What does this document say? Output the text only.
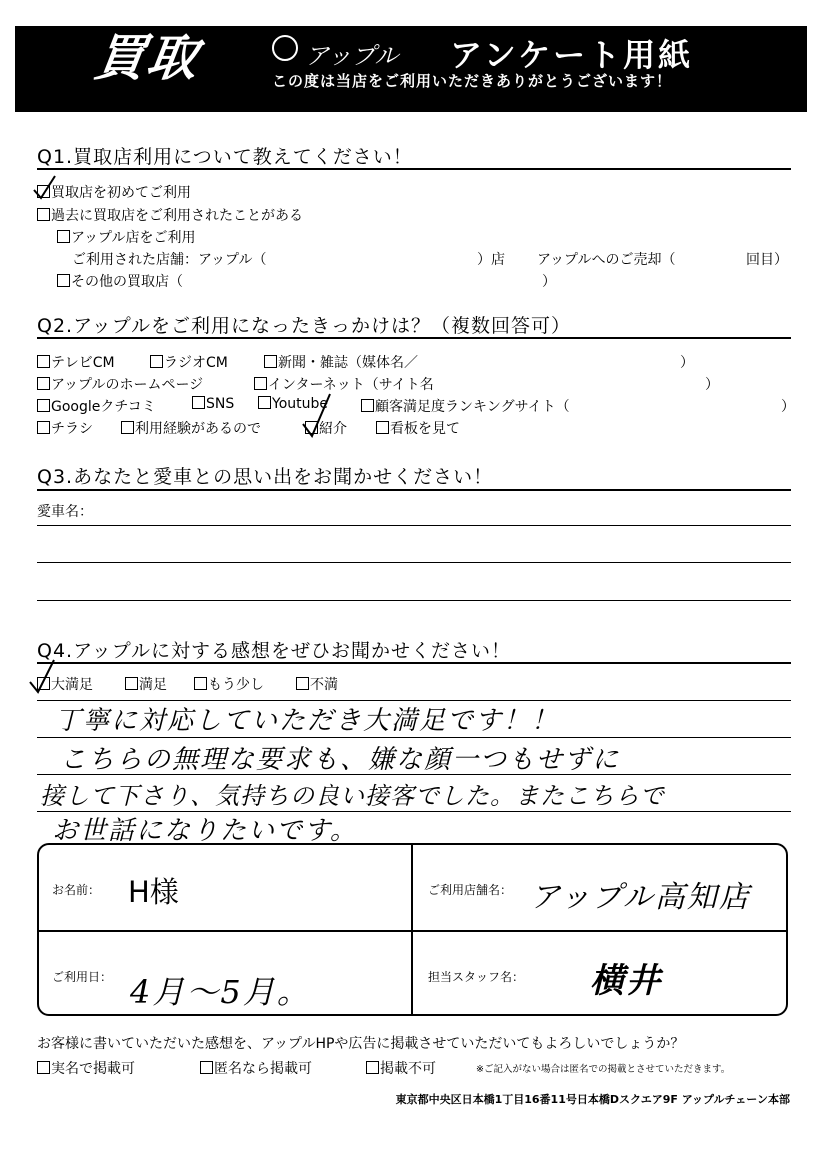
買取	アップル アンケート用紙
この度は当店をご利用いただきありがとうございます！
Q1.買取店利用について教えてください！
買取店を初めてご利用
過去に買取店をご利用されたことがある
アップル店をご利用
ご利用された店舗：アップル（	）店 アップルへのご売却（	回目）
その他の買取店（	）
Q2.アップルをご利用になったきっかけは？（複数回答可）
テレビCM	ラジオCM	新聞・雑誌（媒体名／	）
アップルのホームページ	インターネット（サイト名	）
Googleクチコミ	SNS	Youtube	顧客満足度ランキングサイト（	）
チラシ	利用経験があるので	紹介	看板を見て
Q3.あなたと愛車との思い出をお聞かせください！
愛車名：
Q4.アップルに対する感想をぜひお聞かせください！
大満足	満足	もう少し	不満
丁寧に対応していただき大満足です！！
こちらの無理な要求も、嫌な顔一つもせずに
接して下さり、気持ちの良い接客でした。またこちらで
お世話になりたいです。
お名前： H様	ご利用店舗名： アップル高知店
ご利用日： 4月～5月。	担当スタッフ名： 横井
お客様に書いていただいた感想を、アップルHPや広告に掲載させていただいてもよろしいでしょうか？
実名で掲載可	匿名なら掲載可	掲載不可	※ご記入がない場合は匿名での掲載とさせていただきます。
東京都中央区日本橋1丁目16番11号日本橋Dスクエア9F アップルチェーン本部
